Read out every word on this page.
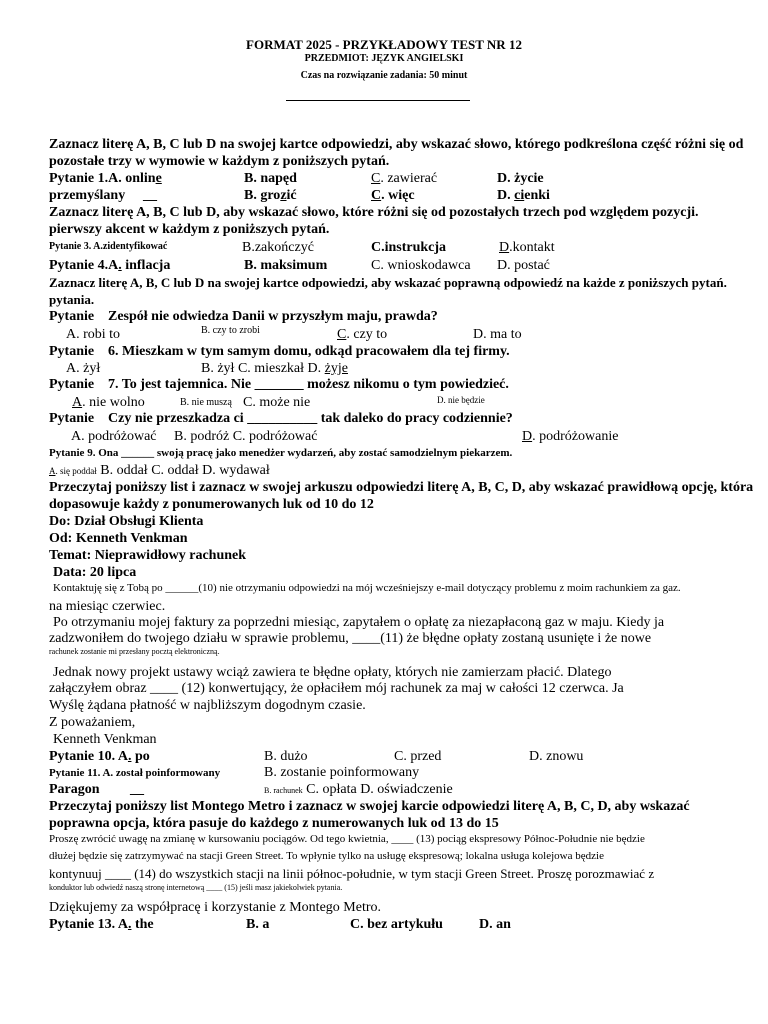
FORMAT 2025 - PRZYKŁADOWY TEST NR 12
PRZEDMIOT: JĘZYK ANGIELSKI
Czas na rozwiązanie zadania: 50 minut
Zaznacz literę A, B, C lub D na swojej kartce odpowiedzi, aby wskazać słowo, którego podkreślona część różni się od
pozostałe trzy w wymowie w każdym z poniższych pytań.
Pytanie 1.A. online	B. napęd	C. zawierać	D. życie
przemyślany __	B. grozić	C. więc	D. cienki
Zaznacz literę A, B, C lub D, aby wskazać słowo, które różni się od pozostałych trzech pod względem pozycji.
pierwszy akcent w każdym z poniższych pytań.
Pytanie 3. A.zidentyfikować	B.zakończyć	C.instrukcja	D.kontakt
Pytanie 4.A. inflacja	B. maksimum	C. wnioskodawca D. postać
Zaznacz literę A, B, C lub D na swojej kartce odpowiedzi, aby wskazać poprawną odpowiedź na każde z poniższych pytań.
pytania.
Pytanie Zespół nie odwiedza Danii w przyszłym maju, prawda?
A. robi to	B. czy to zrobi	C. czy to	D. ma to
Pytanie 6. Mieszkam w tym samym domu, odkąd pracowałem dla tej firmy.
A. żył	B. żył C. mieszkał D. żyje
Pytanie 7. To jest tajemnica. Nie _______ możesz nikomu o tym powiedzieć.
A. nie wolno	B. nie muszą C. może nie	D. nie będzie
Pytanie Czy nie przeszkadza ci __________ tak daleko do pracy codziennie?
A. podróżować B. podróż C. podróżować	D. podróżowanie
Pytanie 9. Ona ______ swoją pracę jako menedżer wydarzeń, aby zostać samodzielnym piekarzem.
A. się poddał B. oddał C. oddał D. wydawał
Przeczytaj poniższy list i zaznacz w swojej arkuszu odpowiedzi literę A, B, C, D, aby wskazać prawidłową opcję, która
dopasowuje każdy z ponumerowanych luk od 10 do 12
Do: Dział Obsługi Klienta
Od: Kenneth Venkman
Temat: Nieprawidłowy rachunek
Data: 20 lipca
Kontaktuję się z Tobą po ______(10) nie otrzymaniu odpowiedzi na mój wcześniejszy e-mail dotyczący problemu z moim rachunkiem za gaz.
na miesiąc czerwiec.
Po otrzymaniu mojej faktury za poprzedni miesiąc, zapytałem o opłatę za niezapłaconą gaz w maju. Kiedy ja
zadzwoniłem do twojego działu w sprawie problemu, ____(11) że błędne opłaty zostaną usunięte i że nowe
rachunek zostanie mi przesłany pocztą elektroniczną.
Jednak nowy projekt ustawy wciąż zawiera te błędne opłaty, których nie zamierzam płacić. Dlatego
załączyłem obraz ____ (12) konwertujący, że opłaciłem mój rachunek za maj w całości 12 czerwca. Ja
Wyślę żądana płatność w najbliższym dogodnym czasie.
Z poważaniem,
Kenneth Venkman
Pytanie 10. A. po	B. dużo	C. przed	D. znowu
Pytanie 11. A. został poinformowany	B. zostanie poinformowany
Paragon __	B. rachunek C. opłata D. oświadczenie
Przeczytaj poniższy list Montego Metro i zaznacz w swojej karcie odpowiedzi literę A, B, C, D, aby wskazać
poprawna opcja, która pasuje do każdego z numerowanych luk od 13 do 15
Proszę zwrócić uwagę na zmianę w kursowaniu pociągów. Od tego kwietnia, ____ (13) pociąg ekspresowy Północ-Południe nie będzie
dłużej będzie się zatrzymywać na stacji Green Street. To wpłynie tylko na usługę ekspresową; lokalna usługa kolejowa będzie
kontynuuj ____ (14) do wszystkich stacji na linii północ-południe, w tym stacji Green Street. Proszę porozmawiać z
konduktor lub odwiedź naszą stronę internetową ____ (15) jeśli masz jakiekolwiek pytania.
Dziękujemy za współpracę i korzystanie z Montego Metro.
Pytanie 13. A. the	B. a	C. bez artykułu	D. an
